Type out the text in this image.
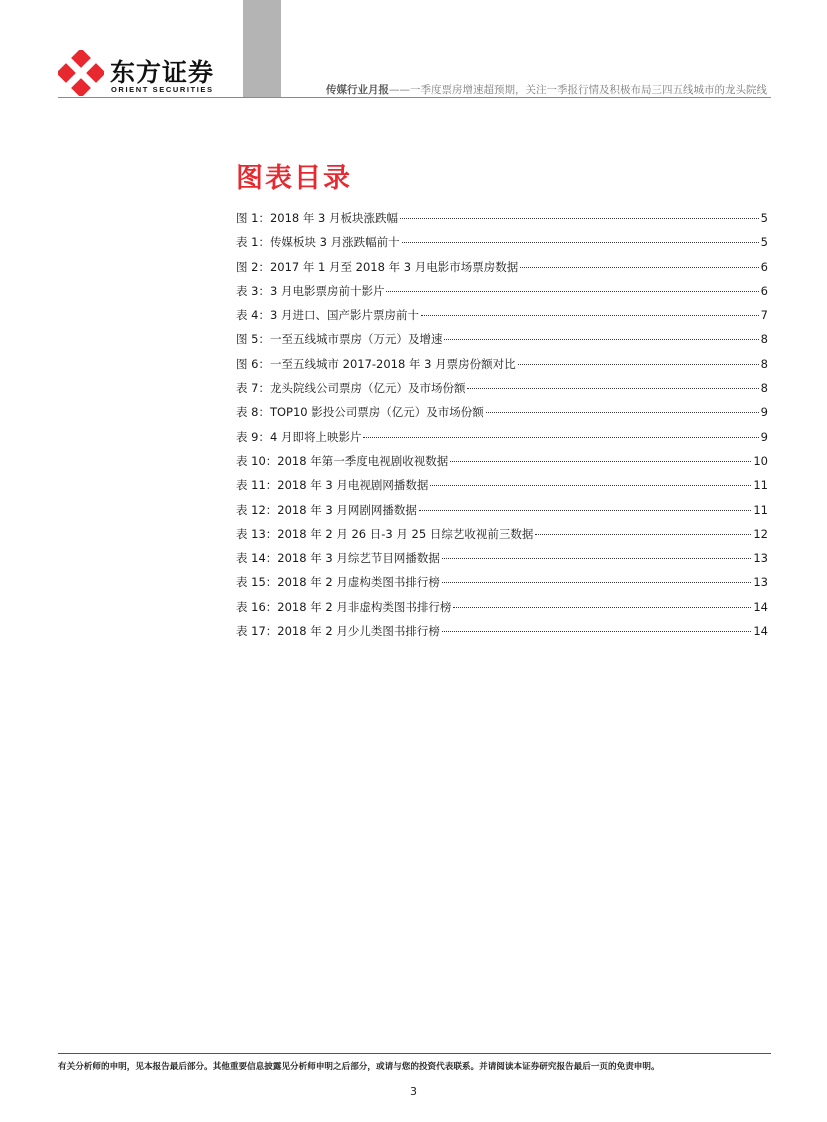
东方证券
ORIENT SECURITIES	传媒行业月报——一季度票房增速超预期，关注一季报行情及积极布局三四五线城市的龙头院线
图表目录
图 1：2018 年 3 月板块涨跌幅	5
表 1：传媒板块 3 月涨跌幅前十	5
图 2：2017 年 1 月至 2018 年 3 月电影市场票房数据	6
表 3：3 月电影票房前十影片	6
表 4：3 月进口、国产影片票房前十	7
图 5：一至五线城市票房（万元）及增速	8
图 6：一至五线城市 2017-2018 年 3 月票房份额对比	8
表 7：龙头院线公司票房（亿元）及市场份额	8
表 8：TOP10 影投公司票房（亿元）及市场份额	9
表 9：4 月即将上映影片	9
表 10：2018 年第一季度电视剧收视数据	10
表 11：2018 年 3 月电视剧网播数据	11
表 12：2018 年 3 月网剧网播数据	11
表 13：2018 年 2 月 26 日-3 月 25 日综艺收视前三数据	12
表 14：2018 年 3 月综艺节目网播数据	13
表 15：2018 年 2 月虚构类图书排行榜	13
表 16：2018 年 2 月非虚构类图书排行榜	14
表 17：2018 年 2 月少儿类图书排行榜	14
有关分析师的申明，见本报告最后部分。其他重要信息披露见分析师申明之后部分，或请与您的投资代表联系。并请阅读本证券研究报告最后一页的免责申明。
3
